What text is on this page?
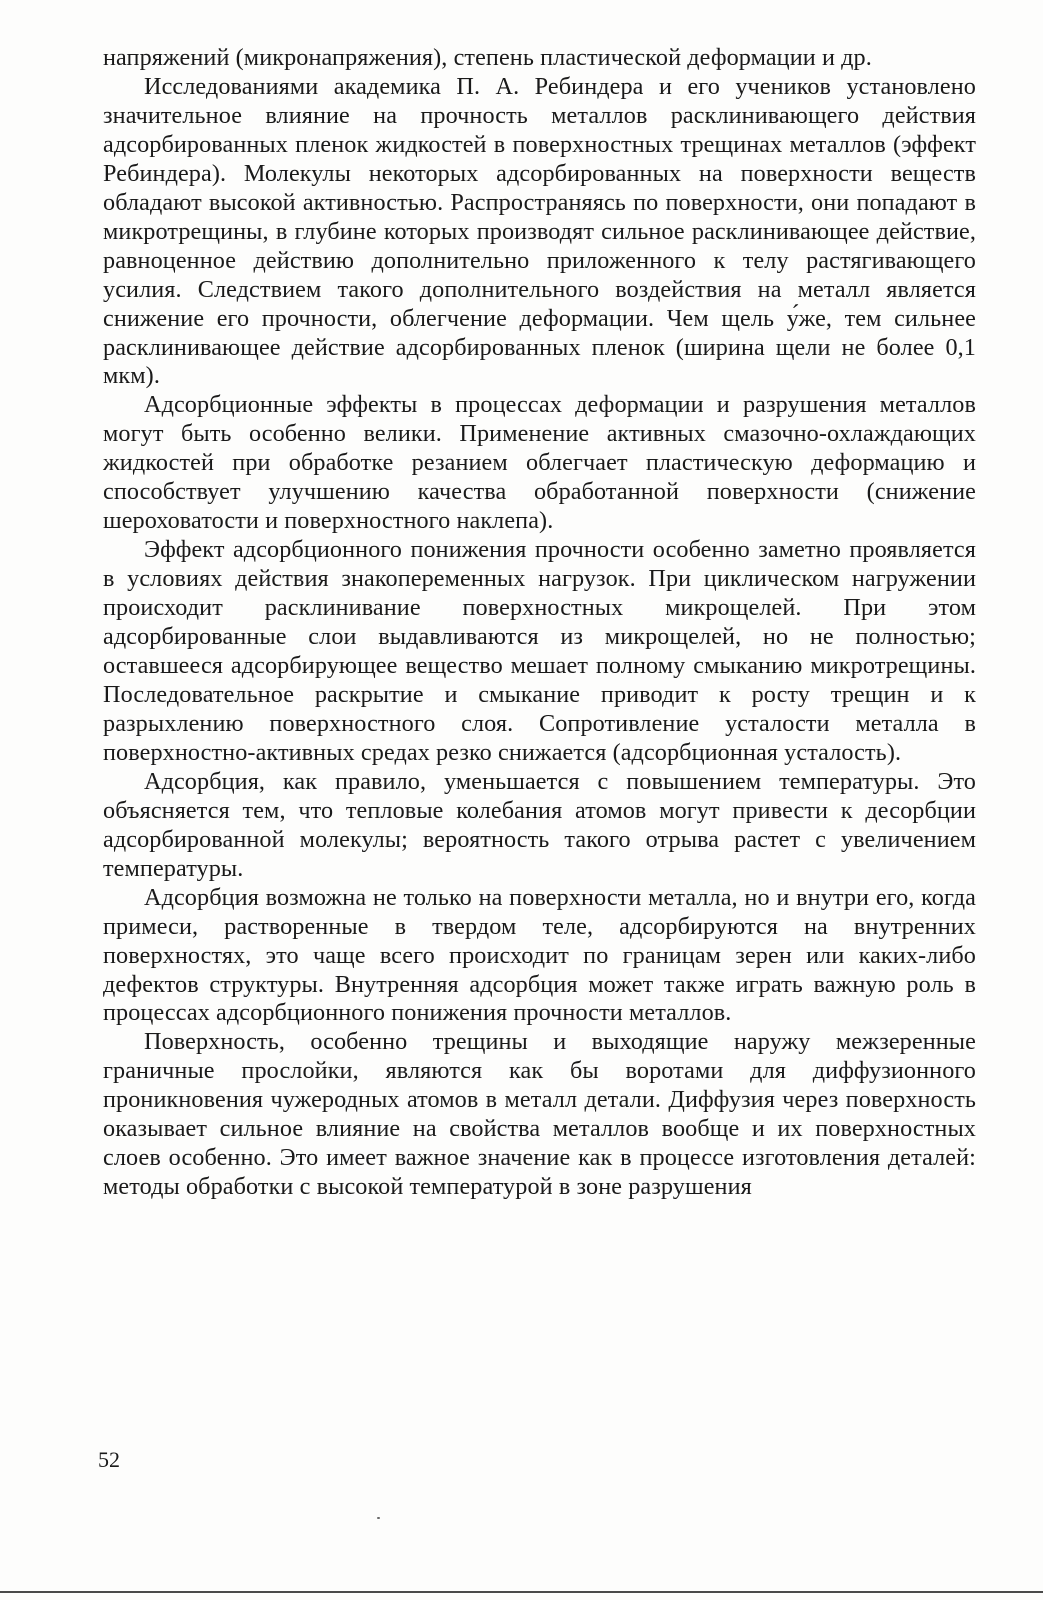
напряжений (микронапряжения), степень пластической деформации и др.

Исследованиями академика П. А. Ребиндера и его учеников установлено значительное влияние на прочность металлов расклинивающего действия адсорбированных пленок жидкостей в поверхностных трещинах металлов (эффект Ребиндера). Молекулы некоторых адсорбированных на поверхности веществ обладают высокой активностью. Распространяясь по поверхности, они попадают в микротрещины, в глубине которых производят сильное расклинивающее действие, равноценное действию дополнительно приложенного к телу растягивающего усилия. Следствием такого дополнительного воздействия на металл является снижение его прочности, облегчение деформации. Чем щель у́же, тем сильнее расклинивающее действие адсорбированных пленок (ширина щели не более 0,1 мкм).

Адсорбционные эффекты в процессах деформации и разрушения металлов могут быть особенно велики. Применение активных смазочно-охлаждающих жидкостей при обработке резанием облегчает пластическую деформацию и способствует улучшению качества обработанной поверхности (снижение шероховатости и поверхностного наклепа).

Эффект адсорбционного понижения прочности особенно заметно проявляется в условиях действия знакопеременных нагрузок. При циклическом нагружении происходит расклинивание поверхностных микрощелей. При этом адсорбированные слои выдавливаются из микрощелей, но не полностью; оставшееся адсорбирующее вещество мешает полному смыканию микротрещины. Последовательное раскрытие и смыкание приводит к росту трещин и к разрыхлению поверхностного слоя. Сопротивление усталости металла в поверхностно-активных средах резко снижается (адсорбционная усталость).

Адсорбция, как правило, уменьшается с повышением температуры. Это объясняется тем, что тепловые колебания атомов могут привести к десорбции адсорбированной молекулы; вероятность такого отрыва растет с увеличением температуры.

Адсорбция возможна не только на поверхности металла, но и внутри его, когда примеси, растворенные в твердом теле, адсорбируются на внутренних поверхностях, это чаще всего происходит по границам зерен или каких-либо дефектов структуры. Внутренняя адсорбция может также играть важную роль в процессах адсорбционного понижения прочности металлов.

Поверхность, особенно трещины и выходящие наружу межзеренные граничные прослойки, являются как бы воротами для диффузионного проникновения чужеродных атомов в металл детали. Диффузия через поверхность оказывает сильное влияние на свойства металлов вообще и их поверхностных слоев особенно. Это имеет важное значение как в процессе изготовления деталей: методы обработки с высокой температурой в зоне разрушения

52
